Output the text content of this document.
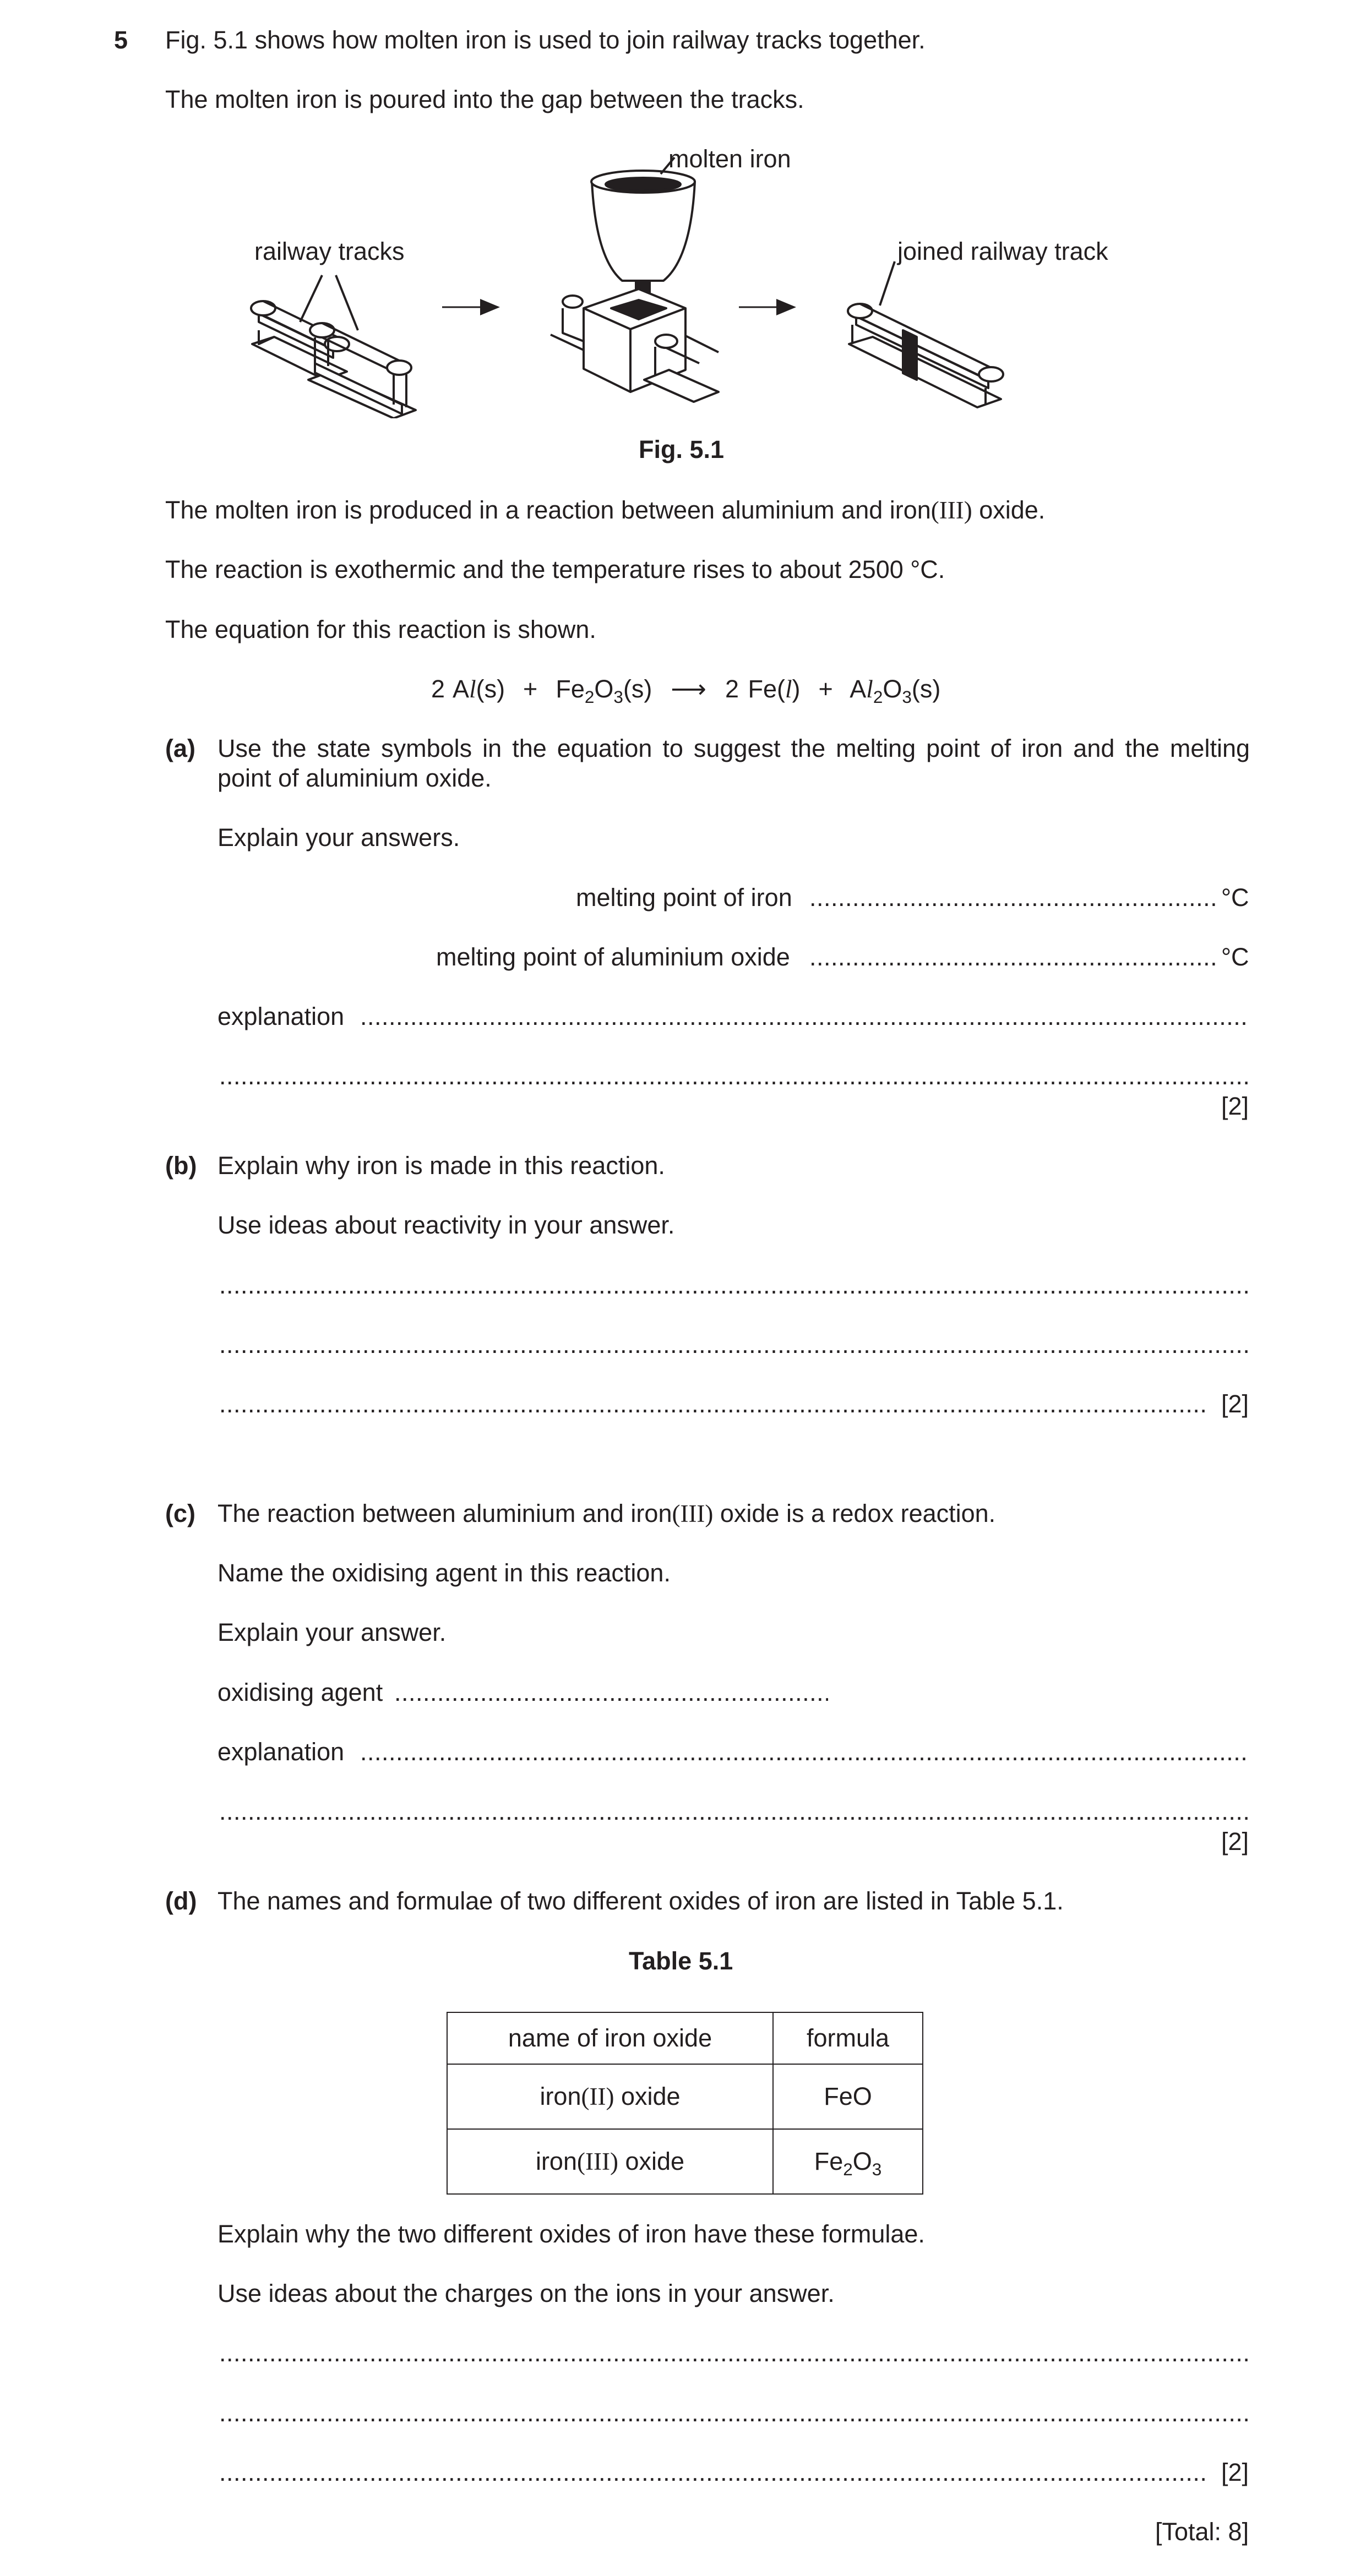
5 Fig. 5.1 shows how molten iron is used to join railway tracks together.
The molten iron is poured into the gap between the tracks.
molten iron
railway tracks	joined railway track
Fig. 5.1
The molten iron is produced in a reaction between aluminium and iron(III) oxide.
The reaction is exothermic and the temperature rises to about 2500 °C.
The equation for this reaction is shown.
2 $Al(s) + Fe_2O_3(s)$ ⟶ 2 $Fe(l) + Al_2O_3(s)$
(a) Use the state symbols in the equation to suggest the melting point of iron and the melting
point of aluminium oxide.
Explain your answers.
melting point of iron .....	°C
melting point of aluminium oxide .....	°C
explanation
.....
.....
[2]
(b) Explain why iron is made in this reaction.
Use ideas about reactivity in your answer.
.....
.....
.....
[2]
(c) The reaction between aluminium and iron(III) oxide is a redox reaction.
Name the oxidising agent in this reaction.
Explain your answer.
oxidising agent
.....
explanation
.....
.....
[2]
(d) The names and formulae of two different oxides of iron are listed in Table 5.1.
Table 5.1
name of iron oxide	formula
iron(II) oxide	FeO
iron(III) oxide	$Fe_2O_3$
Explain why the two different oxides of iron have these formulae.
Use ideas about the charges on the ions in your answer.
.....
.....
.....
[2]
[Total: 8]
